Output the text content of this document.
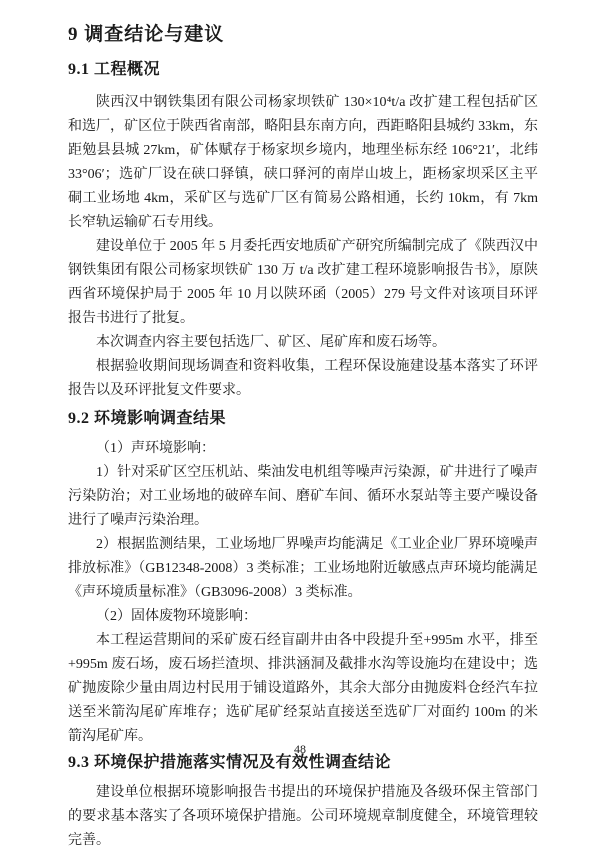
9 调查结论与建议
9.1 工程概况

陕西汉中钢铁集团有限公司杨家坝铁矿 130×10⁴t/a 改扩建工程包括矿区和选厂，矿区位于陕西省南部，略阳县东南方向，西距略阳县城约 33km，东距勉县县城 27km，矿体赋存于杨家坝乡境内，地理坐标东经 106°21′，北纬 33°06′；选矿厂设在硖口驿镇，硖口驿河的南岸山坡上，距杨家坝采区主平硐工业场地 4km，采矿区与选矿厂区有简易公路相通，长约 10km，有 7km 长窄轨运输矿石专用线。

建设单位于 2005 年 5 月委托西安地质矿产研究所编制完成了《陕西汉中钢铁集团有限公司杨家坝铁矿 130 万 t/a 改扩建工程环境影响报告书》，原陕西省环境保护局于 2005 年 10 月以陕环函（2005）279 号文件对该项目环评报告书进行了批复。

本次调查内容主要包括选厂、矿区、尾矿库和废石场等。

根据验收期间现场调查和资料收集，工程环保设施建设基本落实了环评报告以及环评批复文件要求。

9.2 环境影响调查结果

（1）声环境影响：

1）针对采矿区空压机站、柴油发电机组等噪声污染源，矿井进行了噪声污染防治；对工业场地的破碎车间、磨矿车间、循环水泵站等主要产噪设备进行了噪声污染治理。

2）根据监测结果，工业场地厂界噪声均能满足《工业企业厂界环境噪声排放标准》（GB12348-2008）3 类标准；工业场地附近敏感点声环境均能满足《声环境质量标准》（GB3096-2008）3 类标准。

（2）固体废物环境影响：

本工程运营期间的采矿废石经盲副井由各中段提升至+995m 水平，排至+995m 废石场，废石场拦渣坝、排洪涵洞及截排水沟等设施均在建设中；选矿抛废除少量由周边村民用于铺设道路外，其余大部分由抛废料仓经汽车拉送至米箭沟尾矿库堆存；选矿尾矿经泵站直接送至选矿厂对面约 100m 的米箭沟尾矿库。

9.3 环境保护措施落实情况及有效性调查结论

建设单位根据环境影响报告书提出的环境保护措施及各级环保主管部门的要求基本落实了各项环境保护措施。公司环境规章制度健全，环境管理较完善。

48
